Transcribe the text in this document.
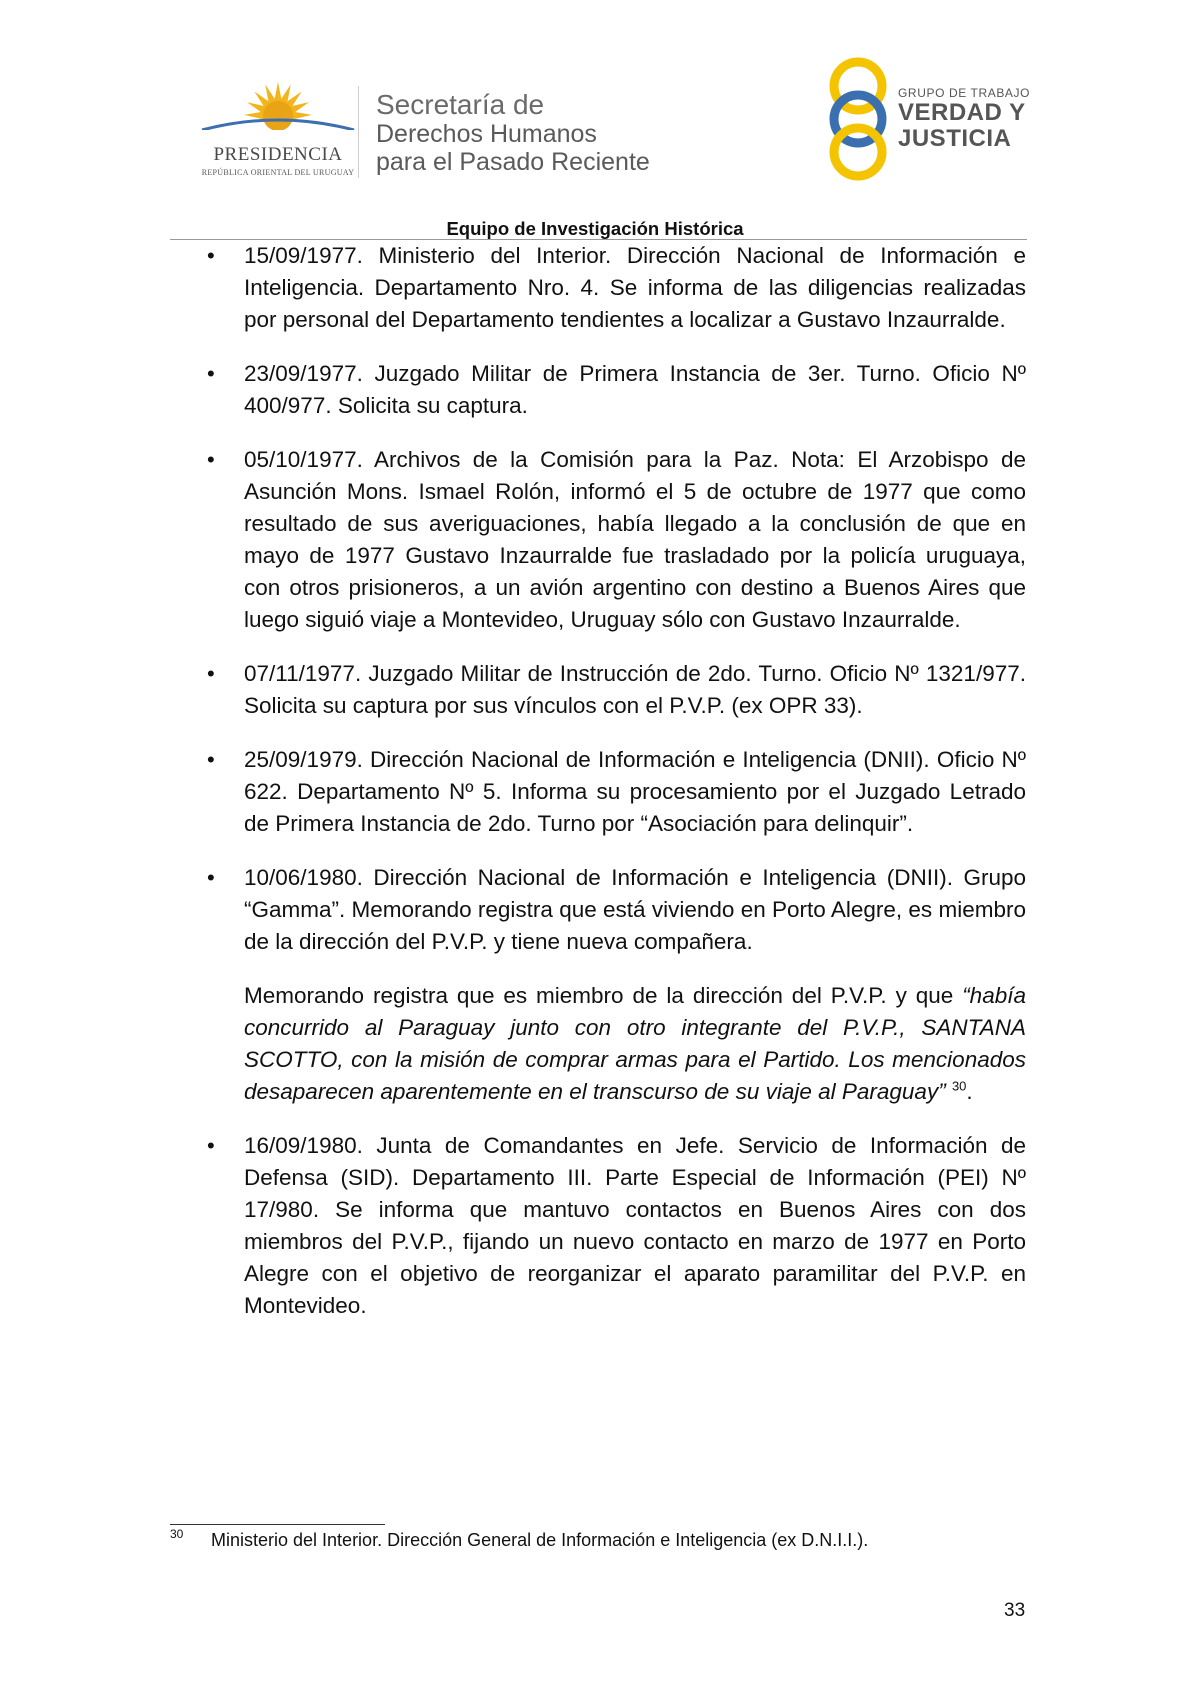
PRESIDENCIA
REPÚBLICA ORIENTAL DEL URUGUAY
Secretaría de
Derechos Humanos
para el Pasado Reciente
GRUPO DE TRABAJO
VERDAD Y
JUSTICIA
Equipo de Investigación Histórica
• 15/09/1977. Ministerio del Interior. Dirección Nacional de Información e Inteligencia. Departamento Nro. 4. Se informa de las diligencias realizadas por personal del Departamento tendientes a localizar a Gustavo Inzaurralde.
• 23/09/1977. Juzgado Militar de Primera Instancia de 3er. Turno. Oficio Nº 400/977. Solicita su captura.
• 05/10/1977. Archivos de la Comisión para la Paz. Nota: El Arzobispo de Asunción Mons. Ismael Rolón, informó el 5 de octubre de 1977 que como resultado de sus averiguaciones, había llegado a la conclusión de que en mayo de 1977 Gustavo Inzaurralde fue trasladado por la policía uruguaya, con otros prisioneros, a un avión argentino con destino a Buenos Aires que luego siguió viaje a Montevideo, Uruguay sólo con Gustavo Inzaurralde.
• 07/11/1977. Juzgado Militar de Instrucción de 2do. Turno. Oficio Nº 1321/977. Solicita su captura por sus vínculos con el P.V.P. (ex OPR 33).
• 25/09/1979. Dirección Nacional de Información e Inteligencia (DNII). Oficio Nº 622. Departamento Nº 5. Informa su procesamiento por el Juzgado Letrado de Primera Instancia de 2do. Turno por “Asociación para delinquir”.
• 10/06/1980. Dirección Nacional de Información e Inteligencia (DNII). Grupo “Gamma”. Memorando registra que está viviendo en Porto Alegre, es miembro de la dirección del P.V.P. y tiene nueva compañera.
Memorando registra que es miembro de la dirección del P.V.P. y que “había concurrido al Paraguay junto con otro integrante del P.V.P., SANTANA SCOTTO, con la misión de comprar armas para el Partido. Los mencionados desaparecen aparentemente en el transcurso de su viaje al Paraguay” $^{30}$.
• 16/09/1980. Junta de Comandantes en Jefe. Servicio de Información de Defensa (SID). Departamento III. Parte Especial de Información (PEI) Nº 17/980. Se informa que mantuvo contactos en Buenos Aires con dos miembros del P.V.P., fijando un nuevo contacto en marzo de 1977 en Porto Alegre con el objetivo de reorganizar el aparato paramilitar del P.V.P. en Montevideo.
30 Ministerio del Interior. Dirección General de Información e Inteligencia (ex D.N.I.I.).
33
